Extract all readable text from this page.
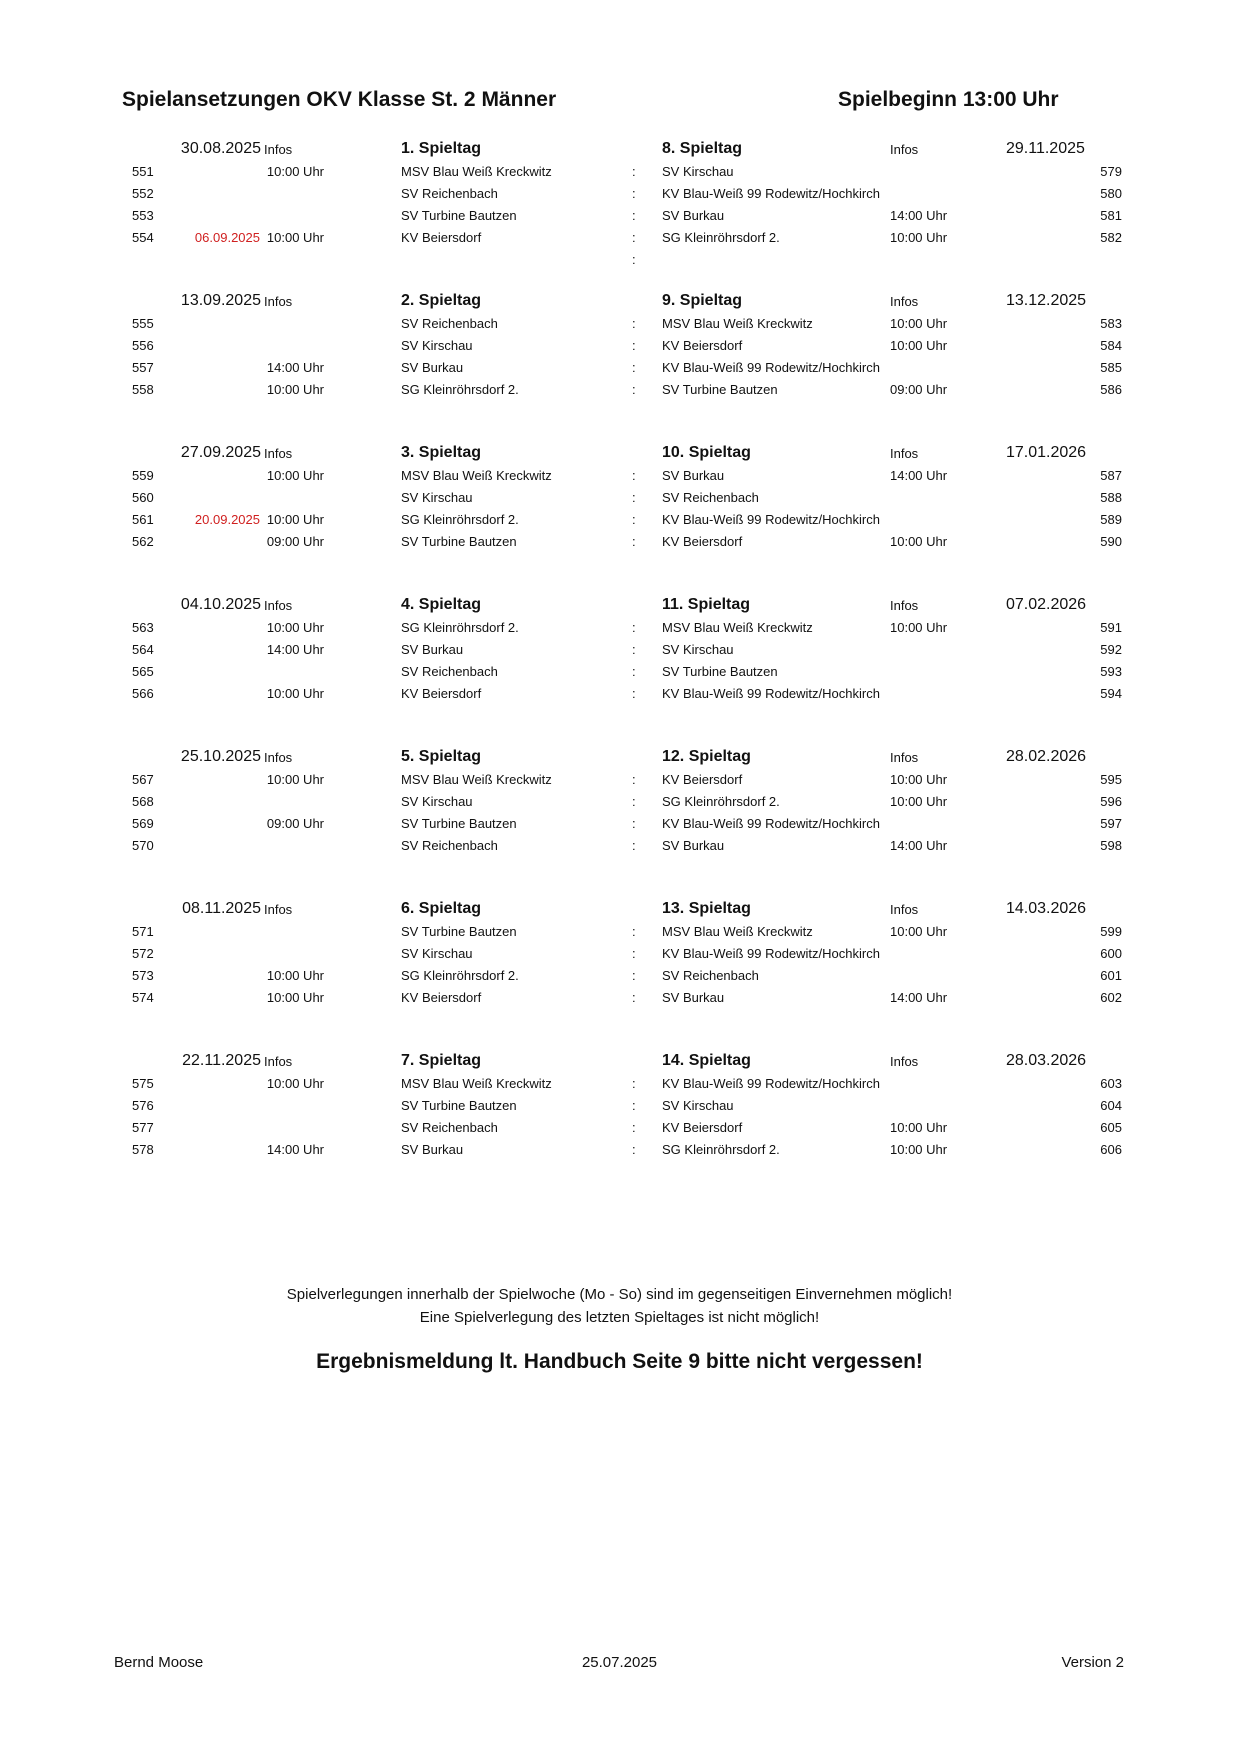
Spielansetzungen OKV Klasse St. 2 Männer	Spielbeginn 13:00 Uhr
30.08.2025 Infos	1. Spieltag	8. Spieltag	Infos	29.11.2025
551	10:00 Uhr	MSV Blau Weiß Kreckwitz	: SV Kirschau	579
552	SV Reichenbach	: KV Blau-Weiß 99 Rodewitz/Hochkirch	580
553	SV Turbine Bautzen	: SV Burkau	14:00 Uhr	581
554	06.09.2025 10:00 Uhr	KV Beiersdorf	: SG Kleinröhrsdorf 2.	10:00 Uhr	582
:
13.09.2025 Infos	2. Spieltag	9. Spieltag	Infos	13.12.2025
555	SV Reichenbach	: MSV Blau Weiß Kreckwitz	10:00 Uhr	583
556	SV Kirschau	: KV Beiersdorf	10:00 Uhr	584
557	14:00 Uhr	SV Burkau	: KV Blau-Weiß 99 Rodewitz/Hochkirch	585
558	10:00 Uhr	SG Kleinröhrsdorf 2.	: SV Turbine Bautzen	09:00 Uhr	586
27.09.2025 Infos	3. Spieltag	10. Spieltag	Infos	17.01.2026
559	10:00 Uhr	MSV Blau Weiß Kreckwitz	: SV Burkau	14:00 Uhr	587
560	SV Kirschau	: SV Reichenbach	588
561	20.09.2025 10:00 Uhr	SG Kleinröhrsdorf 2.	: KV Blau-Weiß 99 Rodewitz/Hochkirch	589
562	09:00 Uhr	SV Turbine Bautzen	: KV Beiersdorf	10:00 Uhr	590
04.10.2025 Infos	4. Spieltag	11. Spieltag	Infos	07.02.2026
563	10:00 Uhr	SG Kleinröhrsdorf 2.	: MSV Blau Weiß Kreckwitz	10:00 Uhr	591
564	14:00 Uhr	SV Burkau	: SV Kirschau	592
565	SV Reichenbach	: SV Turbine Bautzen	593
566	10:00 Uhr	KV Beiersdorf	: KV Blau-Weiß 99 Rodewitz/Hochkirch	594
25.10.2025 Infos	5. Spieltag	12. Spieltag	Infos	28.02.2026
567	10:00 Uhr	MSV Blau Weiß Kreckwitz	: KV Beiersdorf	10:00 Uhr	595
568	SV Kirschau	: SG Kleinröhrsdorf 2.	10:00 Uhr	596
569	09:00 Uhr	SV Turbine Bautzen	: KV Blau-Weiß 99 Rodewitz/Hochkirch	597
570	SV Reichenbach	: SV Burkau	14:00 Uhr	598
08.11.2025 Infos	6. Spieltag	13. Spieltag	Infos	14.03.2026
571	SV Turbine Bautzen	: MSV Blau Weiß Kreckwitz	10:00 Uhr	599
572	SV Kirschau	: KV Blau-Weiß 99 Rodewitz/Hochkirch	600
573	10:00 Uhr	SG Kleinröhrsdorf 2.	: SV Reichenbach	601
574	10:00 Uhr	KV Beiersdorf	: SV Burkau	14:00 Uhr	602
22.11.2025 Infos	7. Spieltag	14. Spieltag	Infos	28.03.2026
575	10:00 Uhr	MSV Blau Weiß Kreckwitz	: KV Blau-Weiß 99 Rodewitz/Hochkirch	603
576	SV Turbine Bautzen	: SV Kirschau	604
577	SV Reichenbach	: KV Beiersdorf	10:00 Uhr	605
578	14:00 Uhr	SV Burkau	: SG Kleinröhrsdorf 2.	10:00 Uhr	606
Spielverlegungen innerhalb der Spielwoche (Mo - So) sind im gegenseitigen Einvernehmen möglich!
Eine Spielverlegung des letzten Spieltages ist nicht möglich!
Ergebnismeldung lt. Handbuch Seite 9 bitte nicht vergessen!
Bernd Moose	25.07.2025	Version 2
